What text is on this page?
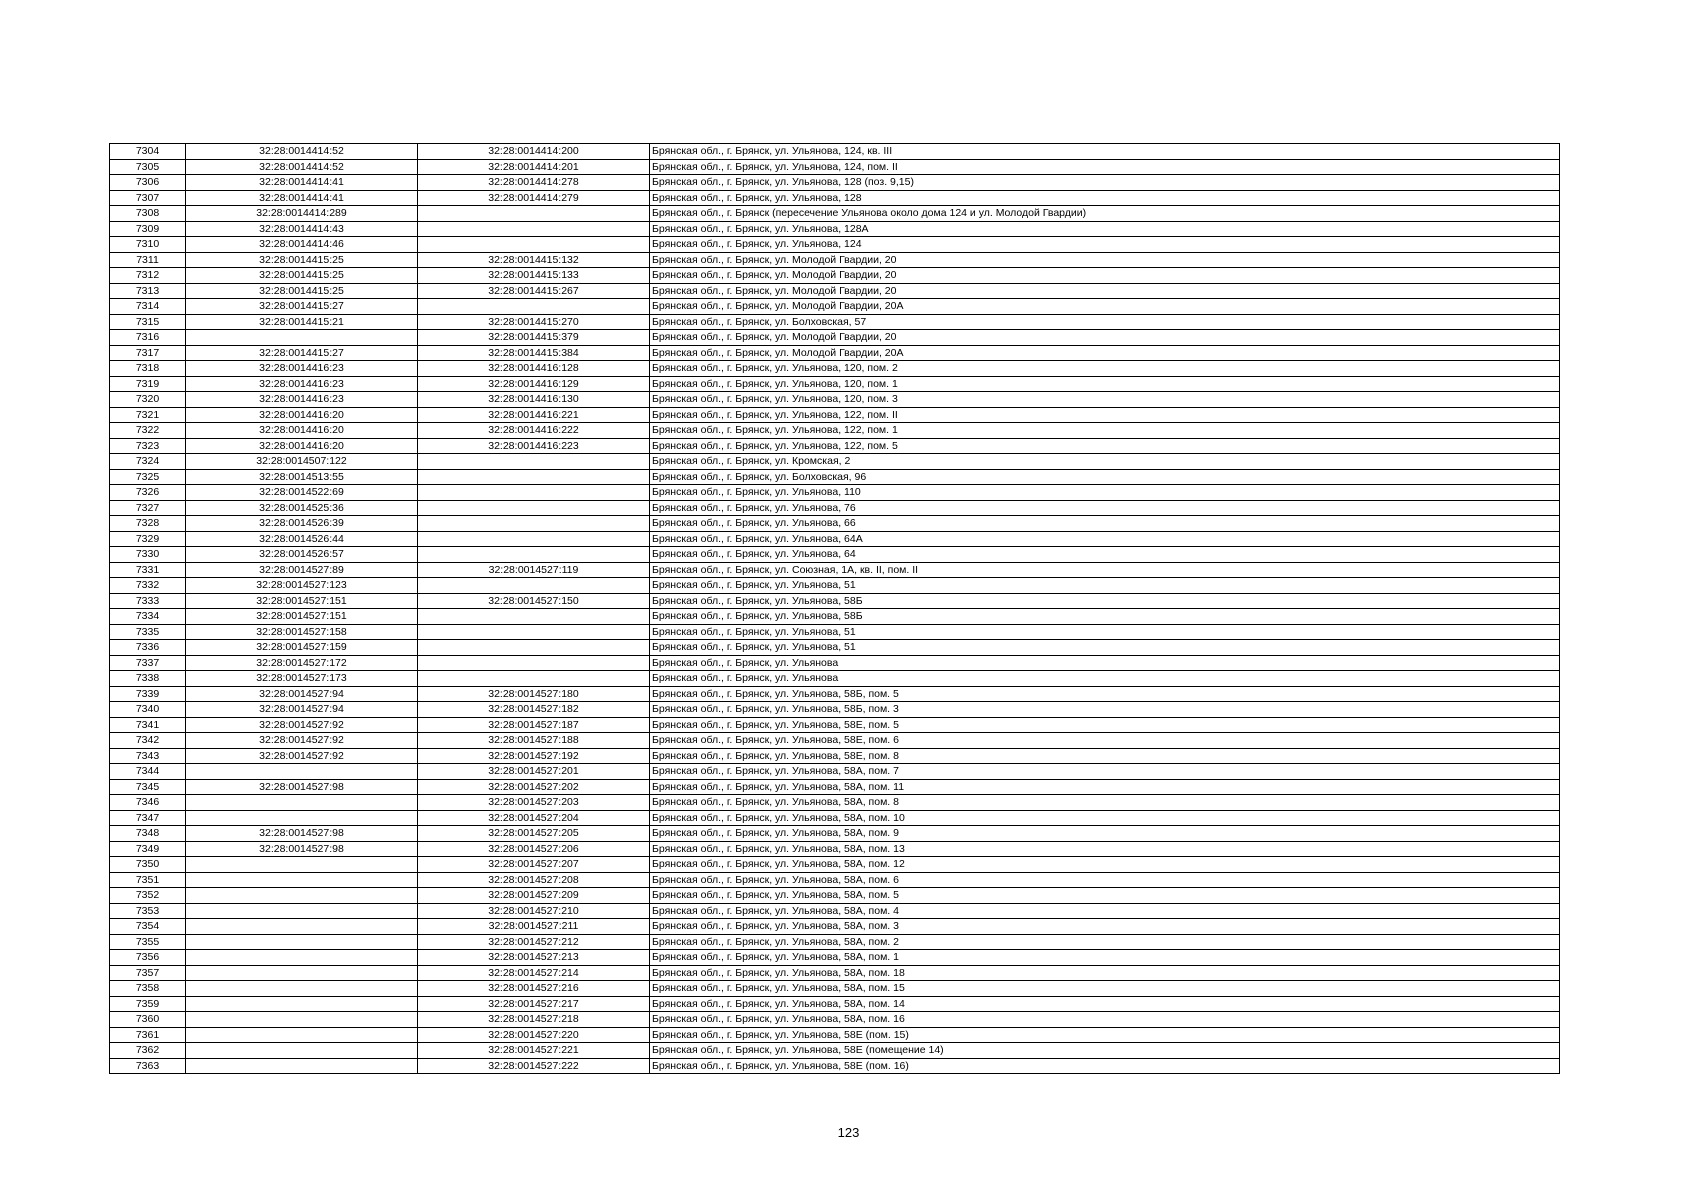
7304	32:28:0014414:52	32:28:0014414:200	Брянская обл., г. Брянск, ул. Ульянова, 124, кв. III
7305	32:28:0014414:52	32:28:0014414:201	Брянская обл., г. Брянск, ул. Ульянова, 124, пом. II
7306	32:28:0014414:41	32:28:0014414:278	Брянская обл., г. Брянск, ул. Ульянова, 128 (поз. 9,15)
7307	32:28:0014414:41	32:28:0014414:279	Брянская обл., г. Брянск, ул. Ульянова, 128
7308	32:28:0014414:289		Брянская обл., г. Брянск (пересечение Ульянова около дома 124 и ул. Молодой Гвардии)
7309	32:28:0014414:43		Брянская обл., г. Брянск, ул. Ульянова, 128А
7310	32:28:0014414:46		Брянская обл., г. Брянск, ул. Ульянова, 124
7311	32:28:0014415:25	32:28:0014415:132	Брянская обл., г. Брянск, ул. Молодой Гвардии, 20
7312	32:28:0014415:25	32:28:0014415:133	Брянская обл., г. Брянск, ул. Молодой Гвардии, 20
7313	32:28:0014415:25	32:28:0014415:267	Брянская обл., г. Брянск, ул. Молодой Гвардии, 20
7314	32:28:0014415:27		Брянская обл., г. Брянск, ул. Молодой Гвардии, 20А
7315	32:28:0014415:21	32:28:0014415:270	Брянская обл., г. Брянск, ул. Болховская, 57
7316		32:28:0014415:379	Брянская обл., г. Брянск, ул. Молодой Гвардии, 20
7317	32:28:0014415:27	32:28:0014415:384	Брянская обл., г. Брянск, ул. Молодой Гвардии, 20А
7318	32:28:0014416:23	32:28:0014416:128	Брянская обл., г. Брянск, ул. Ульянова, 120, пом. 2
7319	32:28:0014416:23	32:28:0014416:129	Брянская обл., г. Брянск, ул. Ульянова, 120, пом. 1
7320	32:28:0014416:23	32:28:0014416:130	Брянская обл., г. Брянск, ул. Ульянова, 120, пом. 3
7321	32:28:0014416:20	32:28:0014416:221	Брянская обл., г. Брянск, ул. Ульянова, 122, пом. II
7322	32:28:0014416:20	32:28:0014416:222	Брянская обл., г. Брянск, ул. Ульянова, 122, пом. 1
7323	32:28:0014416:20	32:28:0014416:223	Брянская обл., г. Брянск, ул. Ульянова, 122, пом. 5
7324	32:28:0014507:122		Брянская обл., г. Брянск, ул. Кромская, 2
7325	32:28:0014513:55		Брянская обл., г. Брянск, ул. Болховская, 96
7326	32:28:0014522:69		Брянская обл., г. Брянск, ул. Ульянова, 110
7327	32:28:0014525:36		Брянская обл., г. Брянск, ул. Ульянова, 76
7328	32:28:0014526:39		Брянская обл., г. Брянск, ул. Ульянова, 66
7329	32:28:0014526:44		Брянская обл., г. Брянск, ул. Ульянова, 64А
7330	32:28:0014526:57		Брянская обл., г. Брянск, ул. Ульянова, 64
7331	32:28:0014527:89	32:28:0014527:119	Брянская обл., г. Брянск, ул. Союзная, 1А, кв. II, пом. II
7332	32:28:0014527:123		Брянская обл., г. Брянск, ул. Ульянова, 51
7333	32:28:0014527:151	32:28:0014527:150	Брянская обл., г. Брянск, ул. Ульянова, 58Б
7334	32:28:0014527:151		Брянская обл., г. Брянск, ул. Ульянова, 58Б
7335	32:28:0014527:158		Брянская обл., г. Брянск, ул. Ульянова, 51
7336	32:28:0014527:159		Брянская обл., г. Брянск, ул. Ульянова, 51
7337	32:28:0014527:172		Брянская обл., г. Брянск, ул. Ульянова
7338	32:28:0014527:173		Брянская обл., г. Брянск, ул. Ульянова
7339	32:28:0014527:94	32:28:0014527:180	Брянская обл., г. Брянск, ул. Ульянова, 58Б, пом. 5
7340	32:28:0014527:94	32:28:0014527:182	Брянская обл., г. Брянск, ул. Ульянова, 58Б, пом. 3
7341	32:28:0014527:92	32:28:0014527:187	Брянская обл., г. Брянск, ул. Ульянова, 58Е, пом. 5
7342	32:28:0014527:92	32:28:0014527:188	Брянская обл., г. Брянск, ул. Ульянова, 58Е, пом. 6
7343	32:28:0014527:92	32:28:0014527:192	Брянская обл., г. Брянск, ул. Ульянова, 58Е, пом. 8
7344		32:28:0014527:201	Брянская обл., г. Брянск, ул. Ульянова, 58А, пом. 7
7345	32:28:0014527:98	32:28:0014527:202	Брянская обл., г. Брянск, ул. Ульянова, 58А, пом. 11
7346		32:28:0014527:203	Брянская обл., г. Брянск, ул. Ульянова, 58А, пом. 8
7347		32:28:0014527:204	Брянская обл., г. Брянск, ул. Ульянова, 58А, пом. 10
7348	32:28:0014527:98	32:28:0014527:205	Брянская обл., г. Брянск, ул. Ульянова, 58А, пом. 9
7349	32:28:0014527:98	32:28:0014527:206	Брянская обл., г. Брянск, ул. Ульянова, 58А, пом. 13
7350		32:28:0014527:207	Брянская обл., г. Брянск, ул. Ульянова, 58А, пом. 12
7351		32:28:0014527:208	Брянская обл., г. Брянск, ул. Ульянова, 58А, пом. 6
7352		32:28:0014527:209	Брянская обл., г. Брянск, ул. Ульянова, 58А, пом. 5
7353		32:28:0014527:210	Брянская обл., г. Брянск, ул. Ульянова, 58А, пом. 4
7354		32:28:0014527:211	Брянская обл., г. Брянск, ул. Ульянова, 58А, пом. 3
7355		32:28:0014527:212	Брянская обл., г. Брянск, ул. Ульянова, 58А, пом. 2
7356		32:28:0014527:213	Брянская обл., г. Брянск, ул. Ульянова, 58А, пом. 1
7357		32:28:0014527:214	Брянская обл., г. Брянск, ул. Ульянова, 58А, пом. 18
7358		32:28:0014527:216	Брянская обл., г. Брянск, ул. Ульянова, 58А, пом. 15
7359		32:28:0014527:217	Брянская обл., г. Брянск, ул. Ульянова, 58А, пом. 14
7360		32:28:0014527:218	Брянская обл., г. Брянск, ул. Ульянова, 58А, пом. 16
7361		32:28:0014527:220	Брянская обл., г. Брянск, ул. Ульянова, 58Е (пом. 15)
7362		32:28:0014527:221	Брянская обл., г. Брянск, ул. Ульянова, 58Е (помещение 14)
7363		32:28:0014527:222	Брянская обл., г. Брянск, ул. Ульянова, 58Е (пом. 16)
123
